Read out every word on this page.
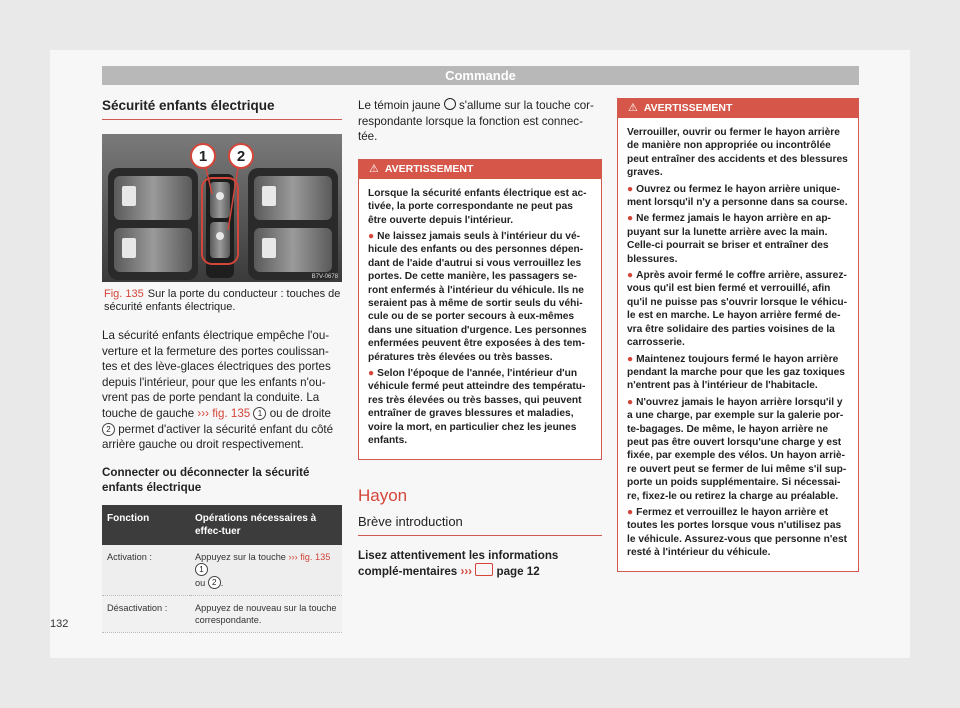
Commande
Sécurité enfants électrique
1 2
B7V-0678
Fig. 135 Sur la porte du conducteur : touches de sécurité enfants électrique.

La sécurité enfants électrique empêche l'ou-verture et la fermeture des portes coulissan-tes et des lève-glaces électriques des portes depuis l'intérieur, pour que les enfants n'ou-vrent pas de porte pendant la conduite. La touche de gauche ››› fig. 135 1 ou de droite 2 permet d'activer la sécurité enfant du côté arrière gauche ou droit respectivement.

Connecter ou déconnecter la sécurité enfants électrique
Fonction	Opérations nécessaires à effec-tuer
Activation :	Appuyez sur la touche ››› fig. 135 1
ou 2 .
Désactivation :	Appuyez de nouveau sur la touche correspondante.

Le témoin jaune  s'allume sur la touche cor-respondante lorsque la fonction est connec-tée.

⚠ AVERTISSEMENT

Lorsque la sécurité enfants électrique est ac-tivée, la porte correspondante ne peut pas être ouverte depuis l'intérieur.

● Ne laissez jamais seuls à l'intérieur du vé-hicule des enfants ou des personnes dépen-dant de l'aide d'autrui si vous verrouillez les portes. De cette manière, les passagers se-ront enfermés à l'intérieur du véhicule. Ils ne seraient pas à même de sortir seuls du véhi-cule ou de se porter secours à eux-mêmes dans une situation d'urgence. Les personnes enfermées peuvent être exposées à des tem-pératures très élevées ou très basses.

● Selon l'époque de l'année, l'intérieur d'un véhicule fermé peut atteindre des températu-res très élevées ou très basses, qui peuvent entraîner de graves blessures et maladies, voire la mort, en particulier chez les jeunes enfants.

Hayon
Brève introduction
Lisez attentivement les informations complé-mentaires ›››  page 12
⚠ AVERTISSEMENT

Verrouiller, ouvrir ou fermer le hayon arrière de manière non appropriée ou incontrôlée peut entraîner des accidents et des blessures graves.

● Ouvrez ou fermez le hayon arrière unique-ment lorsqu'il n'y a personne dans sa course.

● Ne fermez jamais le hayon arrière en ap-puyant sur la lunette arrière avec la main. Celle-ci pourrait se briser et entraîner des blessures.

● Après avoir fermé le coffre arrière, assurez-vous qu'il est bien fermé et verrouillé, afin qu'il ne puisse pas s'ouvrir lorsque le véhicu-le est en marche. Le hayon arrière fermé de-vra être solidaire des parties voisines de la carrosserie.

● Maintenez toujours fermé le hayon arrière pendant la marche pour que les gaz toxiques n'entrent pas à l'intérieur de l'habitacle.

● N'ouvrez jamais le hayon arrière lorsqu'il y a une charge, par exemple sur la galerie por-te-bagages. De même, le hayon arrière ne peut pas être ouvert lorsqu'une charge y est fixée, par exemple des vélos. Un hayon arriè-re ouvert peut se fermer de lui même s'il sup-porte un poids supplémentaire. Si nécessai-re, fixez-le ou retirez la charge au préalable.

● Fermez et verrouillez le hayon arrière et toutes les portes lorsque vous n'utilisez pas le véhicule. Assurez-vous que personne n'est resté à l'intérieur du véhicule.

132
